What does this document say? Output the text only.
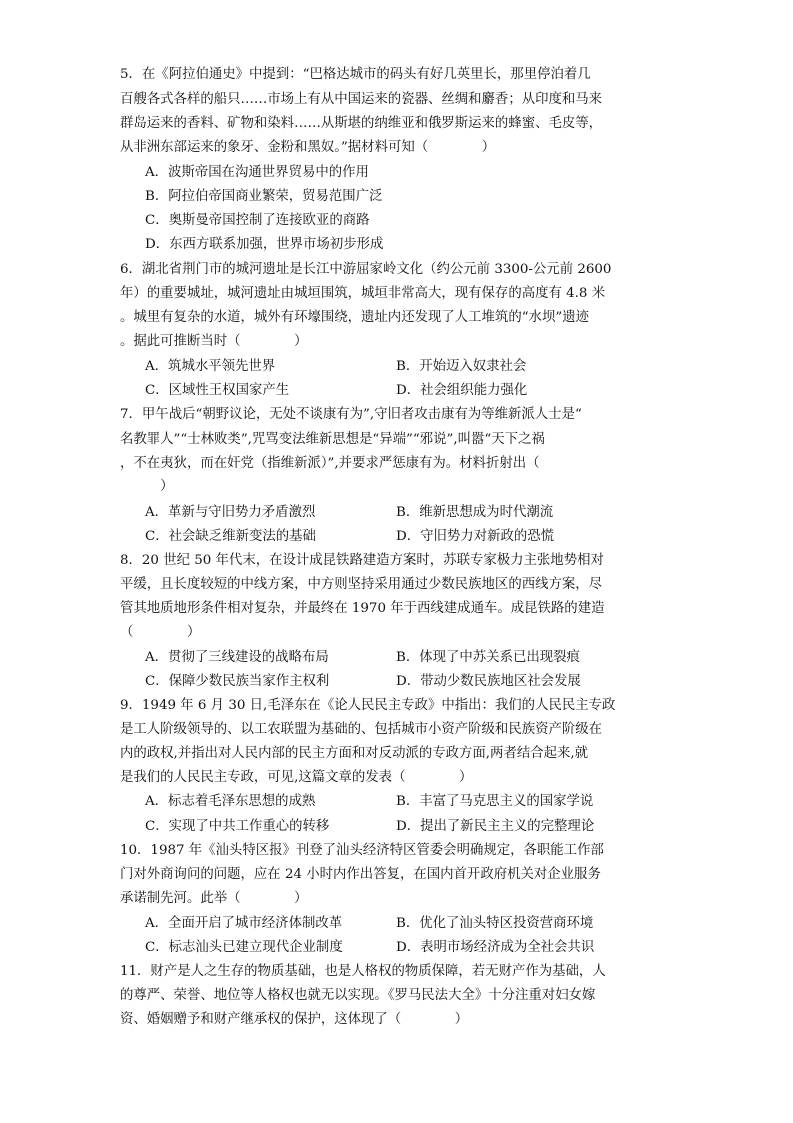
5．在《阿拉伯通史》中提到：“巴格达城市的码头有好几英里长，那里停泊着几
百艘各式各样的船只……市场上有从中国运来的瓷器、丝绸和麝香；从印度和马来
群岛运来的香料、矿物和染料……从斯堪的纳维亚和俄罗斯运来的蜂蜜、毛皮等，
从非洲东部运来的象牙、金粉和黑奴。”据材料可知（　　　　）
A．波斯帝国在沟通世界贸易中的作用
B．阿拉伯帝国商业繁荣，贸易范围广泛
C．奥斯曼帝国控制了连接欧亚的商路
D．东西方联系加强，世界市场初步形成
6．湖北省荆门市的城河遗址是长江中游屈家岭文化（约公元前 3300-公元前 2600
年）的重要城址，城河遗址由城垣围筑，城垣非常高大，现有保存的高度有 4.8 米
。城里有复杂的水道，城外有环壕围绕，遗址内还发现了人工堆筑的“水坝”遗迹
。据此可推断当时（　　　　）
A．筑城水平领先世界	B．开始迈入奴隶社会
C．区域性王权国家产生	D．社会组织能力强化
7．甲午战后“朝野议论，无处不谈康有为”,守旧者攻击康有为等维新派人士是“
名教罪人”“士林败类”,咒骂变法维新思想是“异端”“邪说”,叫嚣“天下之祸
，不在夷狄，而在奸党（指维新派）”,并要求严惩康有为。材料折射出（
　　　）
A．革新与守旧势力矛盾激烈	B．维新思想成为时代潮流
C．社会缺乏维新变法的基础	D．守旧势力对新政的恐慌
8．20 世纪 50 年代末，在设计成昆铁路建造方案时，苏联专家极力主张地势相对
平缓，且长度较短的中线方案，中方则坚持采用通过少数民族地区的西线方案，尽
管其地质地形条件相对复杂，并最终在 1970 年于西线建成通车。成昆铁路的建造
（　　　　）
A．贯彻了三线建设的战略布局	B．体现了中苏关系已出现裂痕
C．保障少数民族当家作主权利	D．带动少数民族地区社会发展
9．1949 年 6 月 30 日,毛泽东在《论人民民主专政》中指出：我们的人民民主专政
是工人阶级领导的、以工农联盟为基础的、包括城市小资产阶级和民族资产阶级在
内的政权,并指出对人民内部的民主方面和对反动派的专政方面,两者结合起来,就
是我们的人民民主专政，可见,这篇文章的发表（　　　　）
A．标志着毛泽东思想的成熟	B．丰富了马克思主义的国家学说
C．实现了中共工作重心的转移	D．提出了新民主主义的完整理论
10．1987 年《汕头特区报》刊登了汕头经济特区管委会明确规定，各职能工作部
门对外商询问的问题，应在 24 小时内作出答复，在国内首开政府机关对企业服务
承诺制先河。此举（　　　　）
A．全面开启了城市经济体制改革	B．优化了汕头特区投资营商环境
C．标志汕头已建立现代企业制度	D．表明市场经济成为全社会共识
11．财产是人之生存的物质基础，也是人格权的物质保障，若无财产作为基础，人
的尊严、荣誉、地位等人格权也就无以实现。《罗马民法大全》十分注重对妇女嫁
资、婚姻赠予和财产继承权的保护，这体现了（　　　　）
